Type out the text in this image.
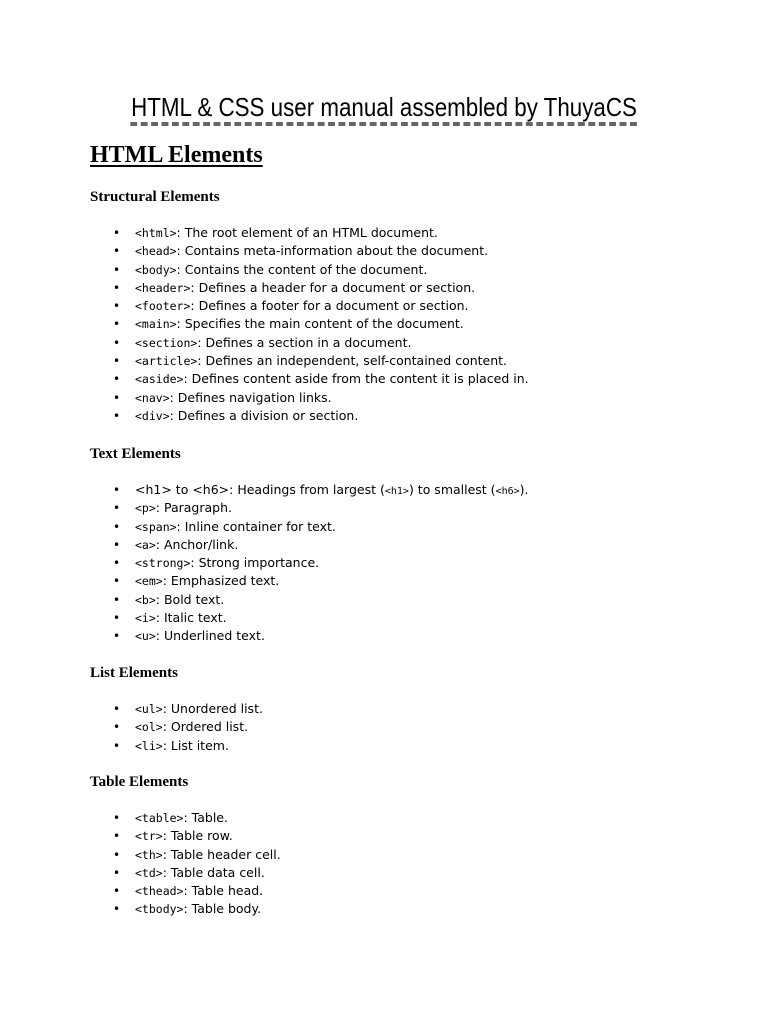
HTML & CSS user manual assembled by ThuyaCS
HTML Elements
Structural Elements
• <html>: The root element of an HTML document.
• <head>: Contains meta-information about the document.
• <body>: Contains the content of the document.
• <header>: Defines a header for a document or section.
• <footer>: Defines a footer for a document or section.
• <main>: Specifies the main content of the document.
• <section>: Defines a section in a document.
• <article>: Defines an independent, self-contained content.
• <aside>: Defines content aside from the content it is placed in.
• <nav>: Defines navigation links.
• <div>: Defines a division or section.
Text Elements
• <h1> to <h6>: Headings from largest (<h1>) to smallest (<h6>).
• <p>: Paragraph.
• <span>: Inline container for text.
• <a>: Anchor/link.
• <strong>: Strong importance.
• <em>: Emphasized text.
• <b>: Bold text.
• <i>: Italic text.
• <u>: Underlined text.
List Elements
• <ul>: Unordered list.
• <ol>: Ordered list.
• <li>: List item.
Table Elements
• <table>: Table.
• <tr>: Table row.
• <th>: Table header cell.
• <td>: Table data cell.
• <thead>: Table head.
• <tbody>: Table body.
